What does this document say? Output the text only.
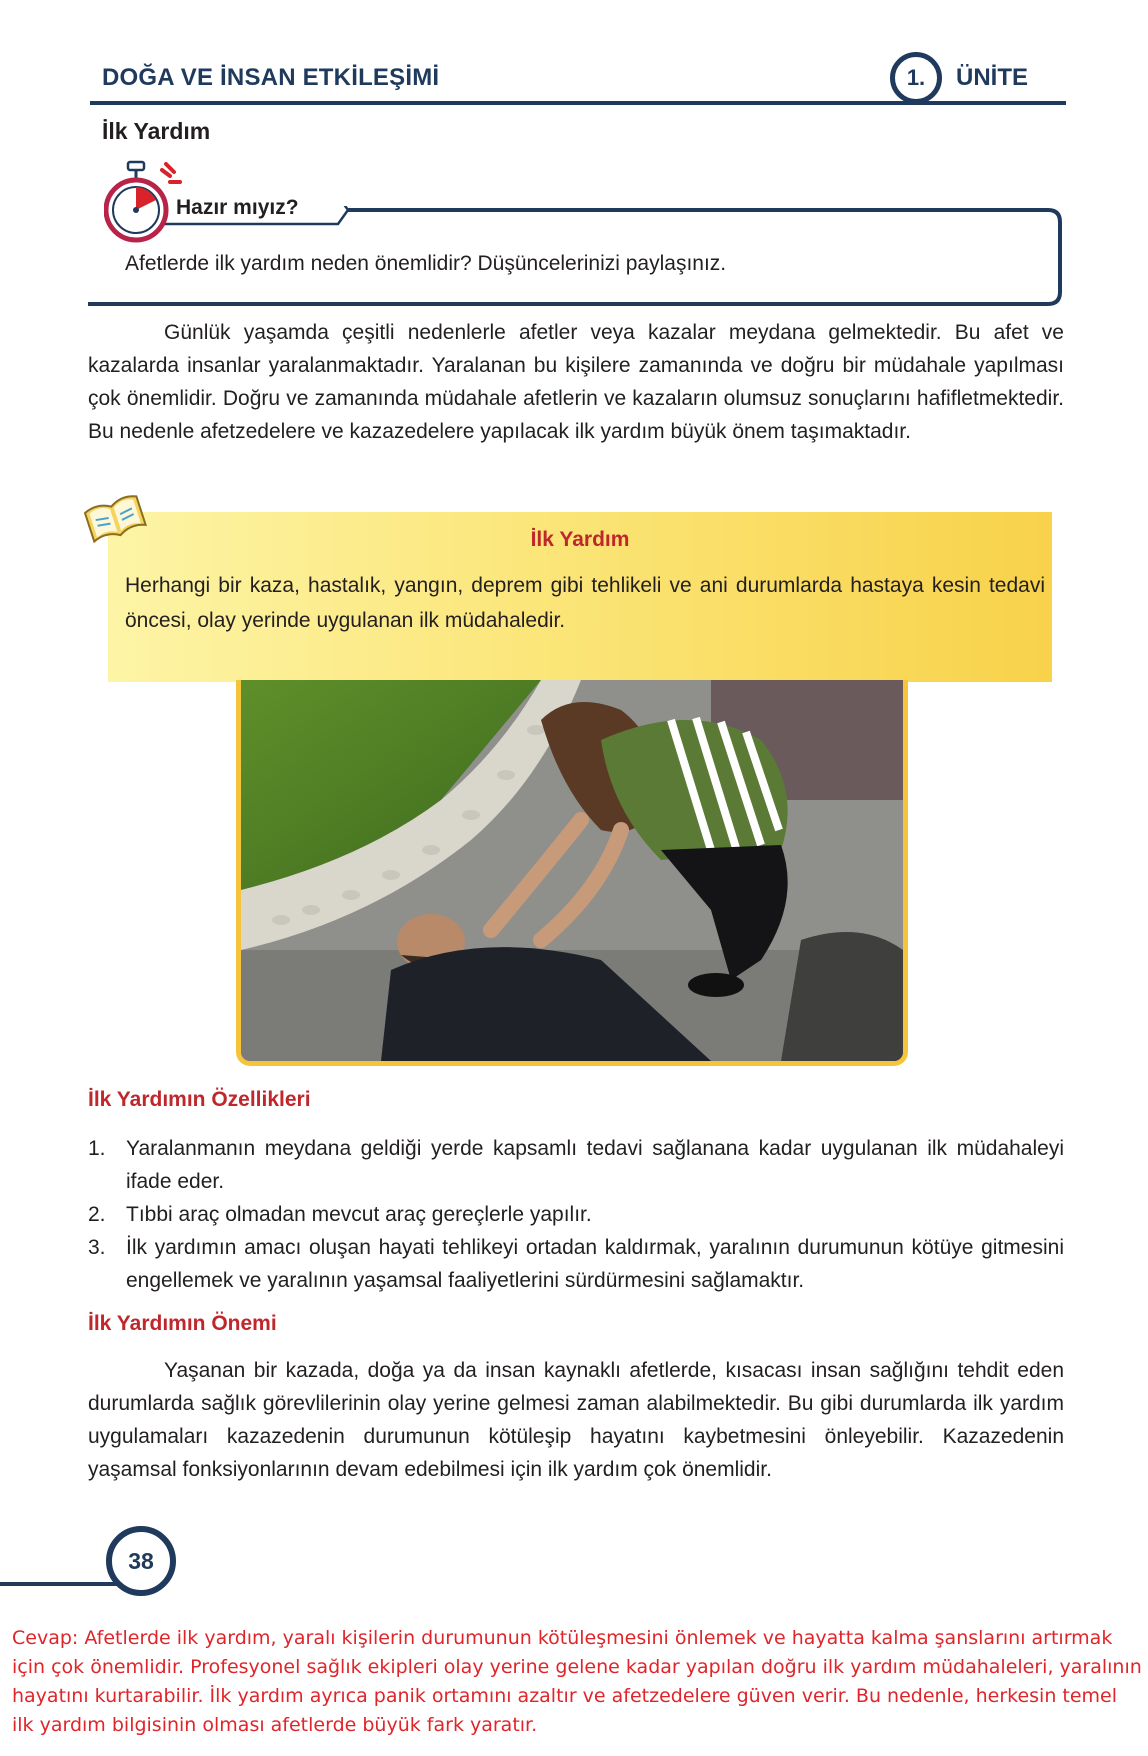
DOĞA VE İNSAN ETKİLEŞİMİ	1. ÜNİTE
İlk Yardım
Hazır mıyız?
Afetlerde ilk yardım neden önemlidir? Düşüncelerinizi paylaşınız.
Günlük yaşamda çeşitli nedenlerle afetler veya kazalar meydana gelmektedir. Bu afet ve kazalarda insanlar yaralanmaktadır. Yaralanan bu kişilere zamanında ve doğru bir müdahale yapılması çok önemlidir. Doğru ve zamanında müdahale afetlerin ve kazaların olumsuz sonuçlarını hafifletmektedir. Bu nedenle afetzedelere ve kazazedelere yapılacak ilk yardım büyük önem taşımaktadır.
İlk Yardım
Herhangi bir kaza, hastalık, yangın, deprem gibi tehlikeli ve ani durumlarda hastaya kesin tedavi öncesi, olay yerinde uygulanan ilk müdahaledir.
İlk Yardımın Özellikleri
1. Yaralanmanın meydana geldiği yerde kapsamlı tedavi sağlanana kadar uygulanan ilk müdahaleyi ifade eder.
2. Tıbbi araç olmadan mevcut araç gereçlerle yapılır.
3. İlk yardımın amacı oluşan hayati tehlikeyi ortadan kaldırmak, yaralının durumunun kötüye gitmesini engellemek ve yaralının yaşamsal faaliyetlerini sürdürmesini sağlamaktır.
İlk Yardımın Önemi
Yaşanan bir kazada, doğa ya da insan kaynaklı afetlerde, kısacası insan sağlığını tehdit eden durumlarda sağlık görevlilerinin olay yerine gelmesi zaman alabilmektedir. Bu gibi durumlarda ilk yardım uygulamaları kazazedenin durumunun kötüleşip hayatını kaybetmesini önleyebilir. Kazazedenin yaşamsal fonksiyonlarının devam edebilmesi için ilk yardım çok önemlidir.
38
Cevap: Afetlerde ilk yardım, yaralı kişilerin durumunun kötüleşmesini önlemek ve hayatta kalma şanslarını artırmak için çok önemlidir. Profesyonel sağlık ekipleri olay yerine gelene kadar yapılan doğru ilk yardım müdahaleleri, yaralının hayatını kurtarabilir. İlk yardım ayrıca panik ortamını azaltır ve afetzedelere güven verir. Bu nedenle, herkesin temel ilk yardım bilgisinin olması afetlerde büyük fark yaratır.
